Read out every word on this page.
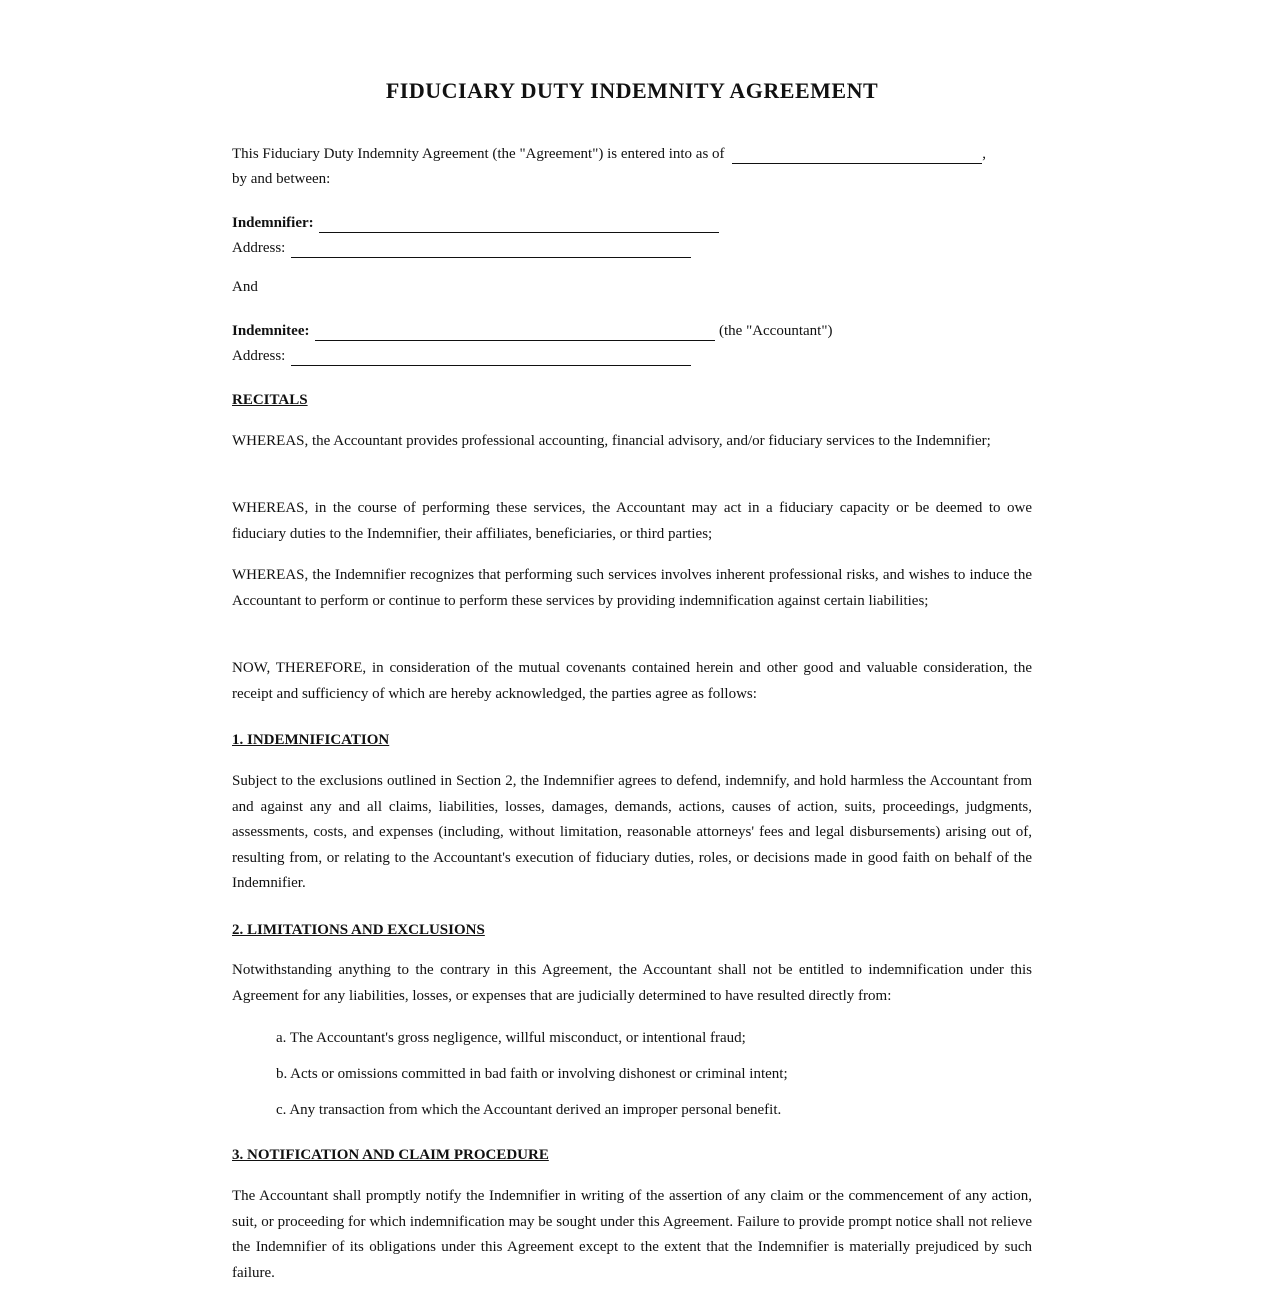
FIDUCIARY DUTY INDEMNITY AGREEMENT
This Fiduciary Duty Indemnity Agreement (the "Agreement") is entered into as of	,
by and between:
Indemnifier:
Address:
And
Indemnitee:	(the "Accountant")
Address:
RECITALS

WHEREAS, the Accountant provides professional accounting, financial advisory, and/or fiduciary services to the Indemnifier;

WHEREAS, in the course of performing these services, the Accountant may act in a fiduciary capacity or be deemed to owe fiduciary duties to the Indemnifier, their affiliates, beneficiaries, or third parties;

WHEREAS, the Indemnifier recognizes that performing such services involves inherent professional risks, and wishes to induce the Accountant to perform or continue to perform these services by providing indemnification against certain liabilities;

NOW, THEREFORE, in consideration of the mutual covenants contained herein and other good and valuable consideration, the receipt and sufficiency of which are hereby acknowledged, the parties agree as follows:

1. INDEMNIFICATION

Subject to the exclusions outlined in Section 2, the Indemnifier agrees to defend, indemnify, and hold harmless the Accountant from and against any and all claims, liabilities, losses, damages, demands, actions, causes of action, suits, proceedings, judgments, assessments, costs, and expenses (including, without limitation, reasonable attorneys' fees and legal disbursements) arising out of, resulting from, or relating to the Accountant's execution of fiduciary duties, roles, or decisions made in good faith on behalf of the Indemnifier.

2. LIMITATIONS AND EXCLUSIONS

Notwithstanding anything to the contrary in this Agreement, the Accountant shall not be entitled to indemnification under this Agreement for any liabilities, losses, or expenses that are judicially determined to have resulted directly from:

a. The Accountant's gross negligence, willful misconduct, or intentional fraud;
b. Acts or omissions committed in bad faith or involving dishonest or criminal intent;
c. Any transaction from which the Accountant derived an improper personal benefit.
3. NOTIFICATION AND CLAIM PROCEDURE

The Accountant shall promptly notify the Indemnifier in writing of the assertion of any claim or the commencement of any action, suit, or proceeding for which indemnification may be sought under this Agreement. Failure to provide prompt notice shall not relieve the Indemnifier of its obligations under this Agreement except to the extent that the Indemnifier is materially prejudiced by such failure.
